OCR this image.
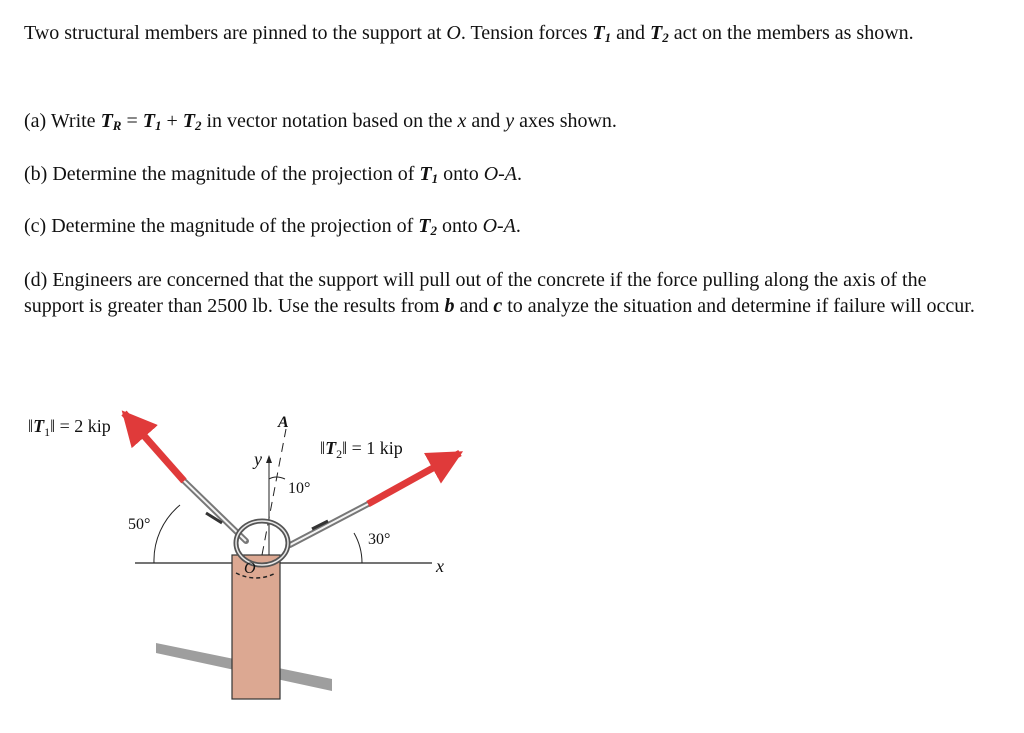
Two structural members are pinned to the support at O. Tension forces $T_1$ and $T_2$ act on the members as shown.

(a) Write $T_R = T_1 + T_2$ in vector notation based on the x and y axes shown.

(b) Determine the magnitude of the projection of $T_1$ onto O-A.

(c) Determine the magnitude of the projection of $T_2$ onto O-A.

(d) Engineers are concerned that the support will pull out of the concrete if the force pulling along the axis of the support is greater than 2500 lb. Use the results from b and c to analyze the situation and determine if failure will occur.

$‖T_1‖ = 2$ kip
$‖T_2‖ = 1$ kip
50°
30°
10°
A
y
x
O
